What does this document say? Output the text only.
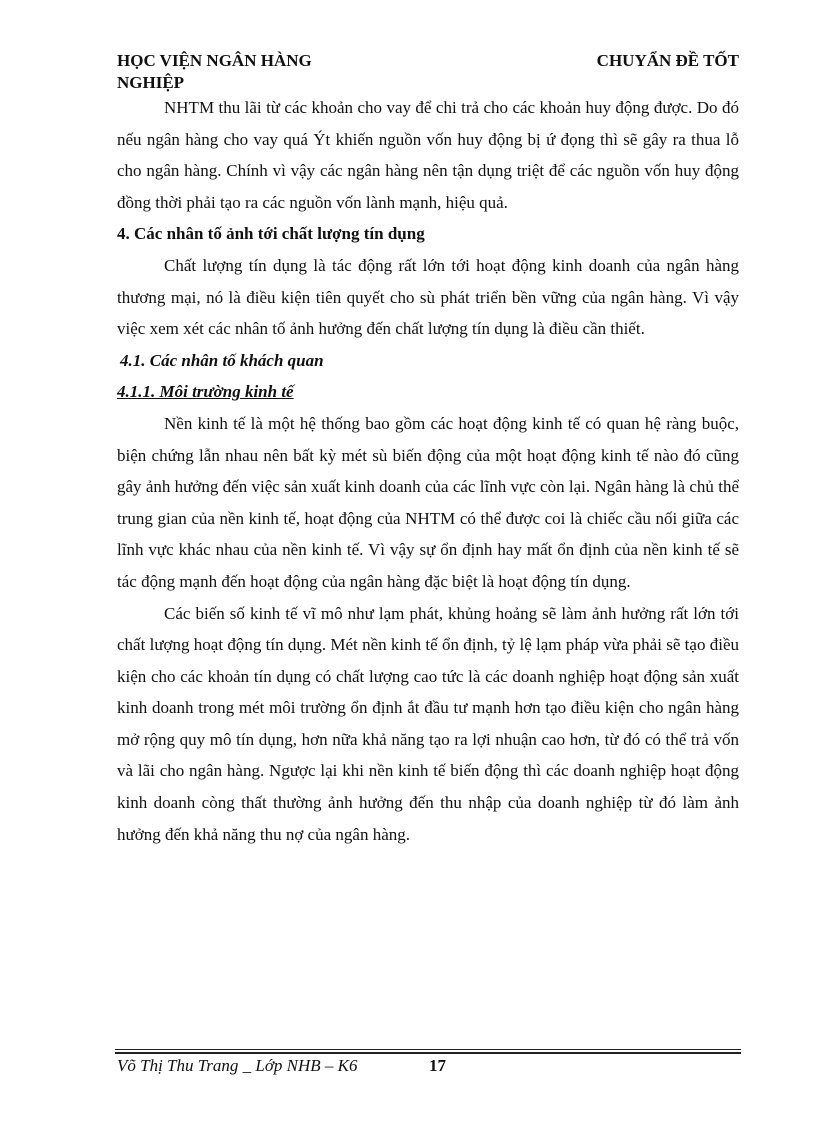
HỌC VIỆN NGÂN HÀNG	CHUYẨN ĐỀ TỐT
NGHIỆP

NHTM thu lãi từ các khoản cho vay để chi trả cho các khoản huy động được. Do đó nếu ngân hàng cho vay quá Ýt khiến nguồn vốn huy động bị ứ đọng thì sẽ gây ra thua lỗ cho ngân hàng. Chính vì vậy các ngân hàng nên tận dụng triệt để các nguồn vốn huy động đồng thời phải tạo ra các nguồn vốn lành mạnh, hiệu quả.

4. Các nhân tố ảnh tới chất lượng tín dụng

Chất lượng tín dụng là tác động rất lớn tới hoạt động kinh doanh của ngân hàng thương mại, nó là điều kiện tiên quyết cho sù phát triển bền vững của ngân hàng. Vì vậy việc xem xét các nhân tố ảnh hưởng đến chất lượng tín dụng là điều cần thiết.

4.1. Các nhân tố khách quan

4.1.1. Môi trường kinh tế

Nền kinh tế là một hệ thống bao gồm các hoạt động kinh tế có quan hệ ràng buộc, biện chứng lẫn nhau nên bất kỳ mét sù biến động của một hoạt động kinh tế nào đó cũng gây ảnh hưởng đến việc sản xuất kinh doanh của các lĩnh vực còn lại. Ngân hàng là chủ thể trung gian của nền kinh tế, hoạt động của NHTM có thể được coi là chiếc cầu nối giữa các lĩnh vực khác nhau của nền kinh tế. Vì vậy sự ổn định hay mất ổn định của nền kinh tế sẽ tác động mạnh đến hoạt động của ngân hàng đặc biệt là hoạt động tín dụng.

Các biến số kinh tế vĩ mô như lạm phát, khủng hoảng sẽ làm ảnh hưởng rất lớn tới chất lượng hoạt động tín dụng. Mét nền kinh tế ổn định, tỷ lệ lạm pháp vừa phải sẽ tạo điều kiện cho các khoản tín dụng có chất lượng cao tức là các doanh nghiệp hoạt động sản xuất kinh doanh trong mét môi trường ổn định ắt đầu tư mạnh hơn tạo điều kiện cho ngân hàng mở rộng quy mô tín dụng, hơn nữa khả năng tạo ra lợi nhuận cao hơn, từ đó có thể trả vốn và lãi cho ngân hàng. Ngược lại khi nền kinh tế biến động thì các doanh nghiệp hoạt động kinh doanh còng thất thường ảnh hưởng đến thu nhập của doanh nghiệp từ đó làm ảnh hưởng đến khả năng thu nợ của ngân hàng.

Võ Thị Thu Trang _ Lớp NHB – K6	17
